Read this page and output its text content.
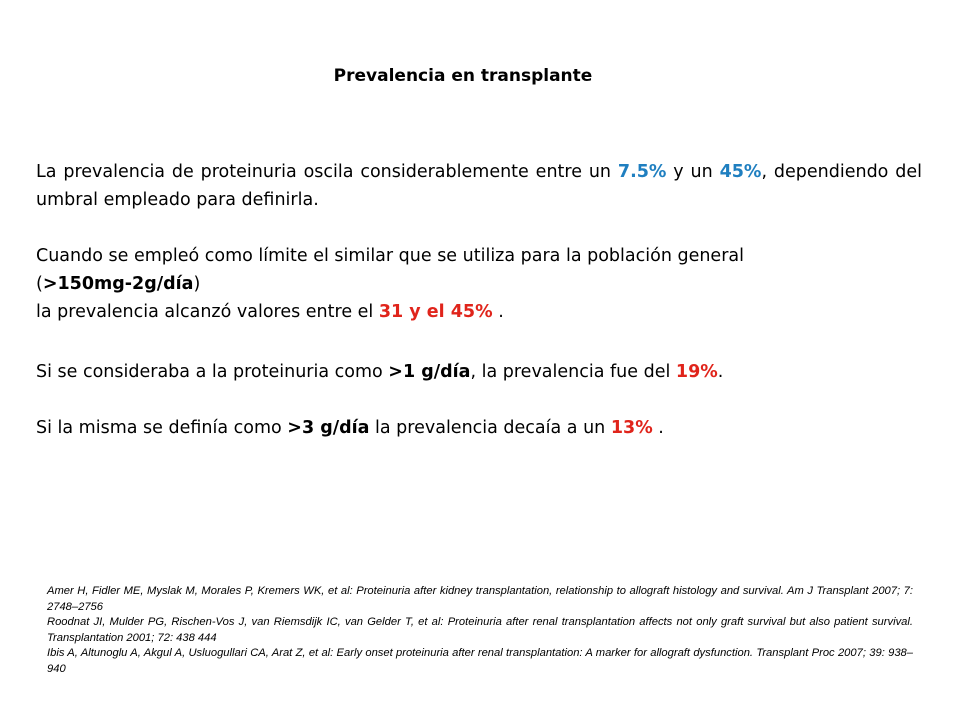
Prevalencia en transplante
La prevalencia de proteinuria oscila considerablemente entre un 7.5% y un 45%, dependiendo del umbral empleado para definirla.
Cuando se empleó como límite el similar que se utiliza para la población general
(>150mg-2g/día)
la prevalencia alcanzó valores entre el 31 y el 45% .
Si se consideraba a la proteinuria como >1 g/día, la prevalencia fue del 19%.
Si la misma se definía como >3 g/día la prevalencia decaía a un 13% .
Amer H, Fidler ME, Myslak M, Morales P, Kremers WK, et al: Proteinuria after kidney transplantation, relationship to allograft histology and survival. Am J Transplant 2007; 7: 2748–2756
Roodnat JI, Mulder PG, Rischen-Vos J, van Riemsdijk IC, van Gelder T, et al: Proteinuria after renal transplantation affects not only graft survival but also patient survival. Transplantation 2001; 72: 438 444
Ibis A, Altunoglu A, Akgul A, Usluogullari CA, Arat Z, et al: Early onset proteinuria after renal transplantation: A marker for allograft dysfunction. Transplant Proc 2007; 39: 938–940
